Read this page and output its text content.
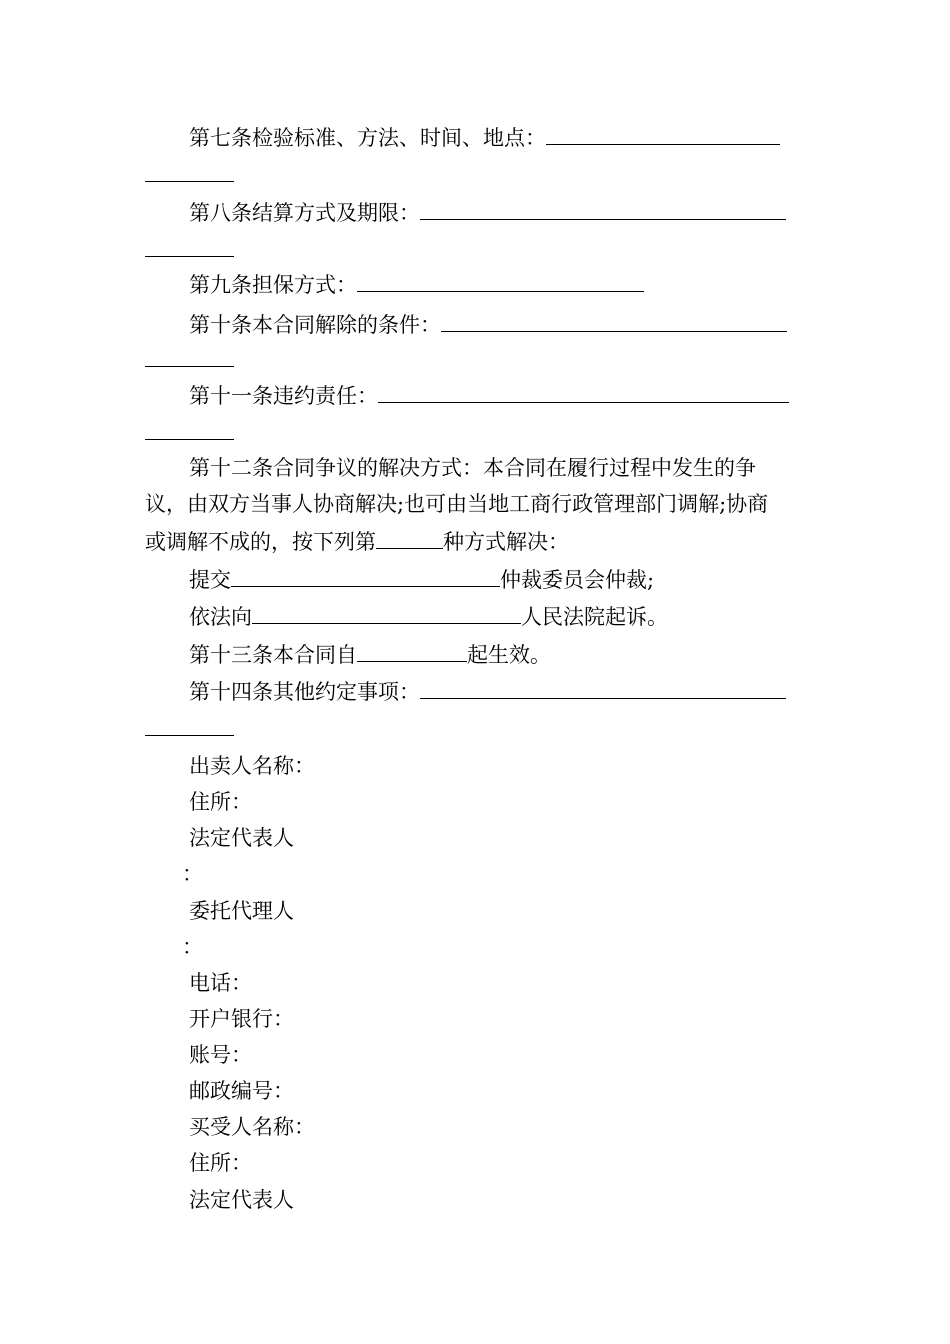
第七条检验标准、方法、时间、地点：
第八条结算方式及期限：
第九条担保方式：
第十条本合同解除的条件：
第十一条违约责任：
第十二条合同争议的解决方式：本合同在履行过程中发生的争
议，由双方当事人协商解决;也可由当地工商行政管理部门调解;协商
或调解不成的，按下列第	种方式解决：
提交	仲裁委员会仲裁;
依法向	人民法院起诉。
第十三条本合同自	起生效。
第十四条其他约定事项：
出卖人名称：
住所：
法定代表人
：
委托代理人
：
电话：
开户银行：
账号：
邮政编号：
买受人名称：
住所：
法定代表人
